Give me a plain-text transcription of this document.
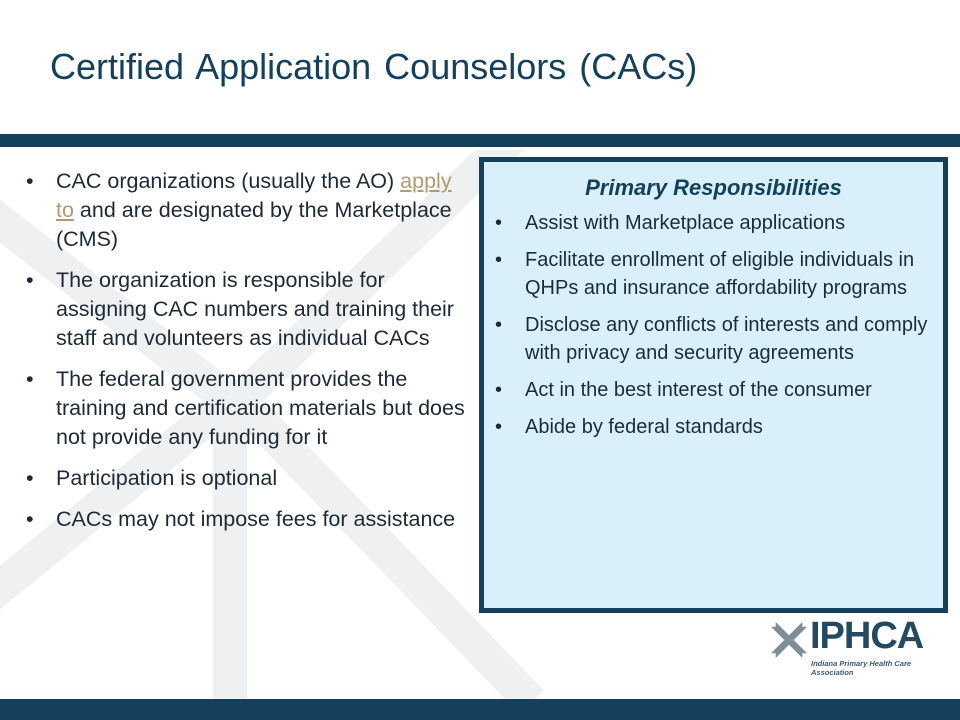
Certified Application Counselors (CACs)
• CAC organizations (usually the AO) apply to and are designated by the Marketplace (CMS)
• The organization is responsible for assigning CAC numbers and training their staff and volunteers as individual CACs
• The federal government provides the training and certification materials but does not provide any funding for it
• Participation is optional
• CACs may not impose fees for assistance
Primary Responsibilities
• Assist with Marketplace applications
• Facilitate enrollment of eligible individuals in QHPs and insurance affordability programs
• Disclose any conflicts of interests and comply with privacy and security agreements
• Act in the best interest of the consumer
• Abide by federal standards
IPHCA
Indiana Primary Health Care Association
